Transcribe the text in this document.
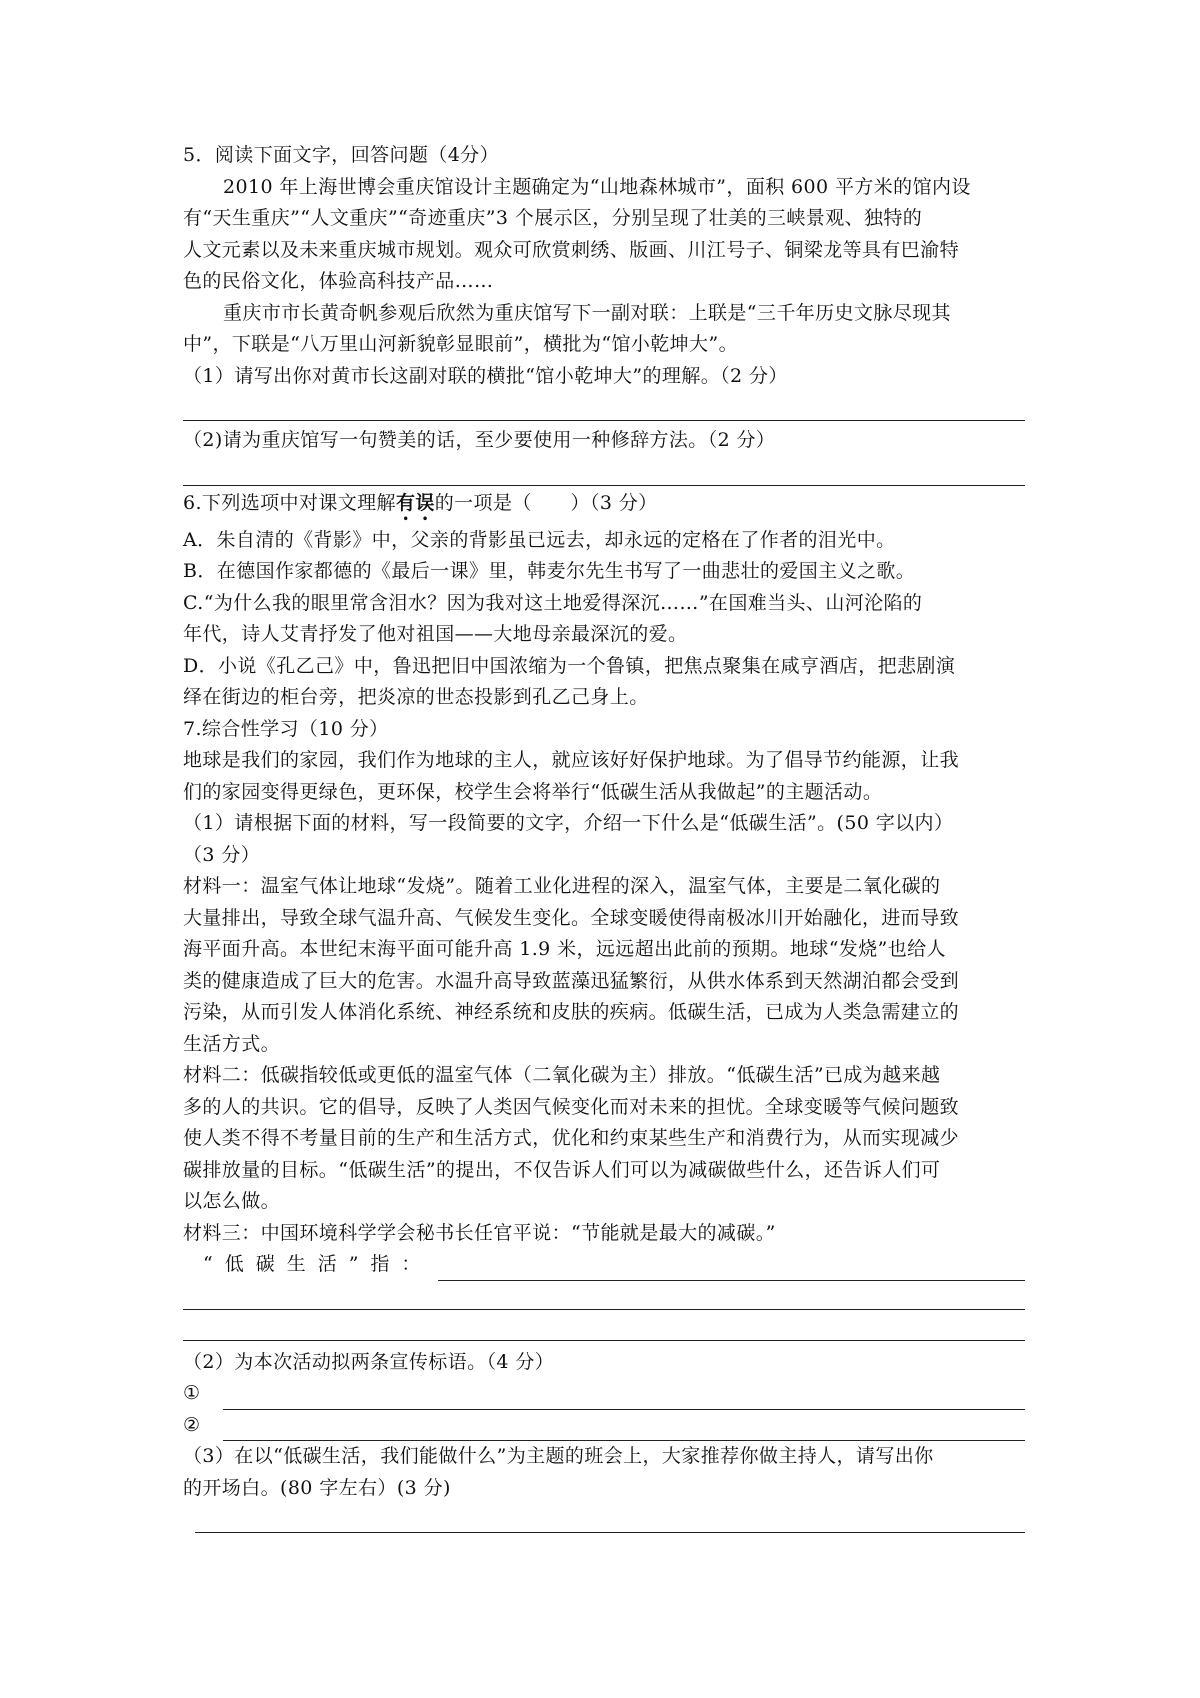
5．阅读下面文字，回答问题（4分）
2010 年上海世博会重庆馆设计主题确定为“山地森林城市”，面积 600 平方米的馆内设
有“天生重庆”“人文重庆”“奇迹重庆”3 个展示区，分别呈现了壮美的三峡景观、独特的
人文元素以及未来重庆城市规划。观众可欣赏刺绣、版画、川江号子、铜梁龙等具有巴渝特
色的民俗文化，体验高科技产品……
重庆市市长黄奇帆参观后欣然为重庆馆写下一副对联：上联是“三千年历史文脉尽现其
中”，下联是“八万里山河新貌彰显眼前”，横批为“馆小乾坤大”。
（1）请写出你对黄市长这副对联的横批“馆小乾坤大”的理解。（2 分）
（2)请为重庆馆写一句赞美的话，至少要使用一种修辞方法。（2 分）
6.下列选项中对课文理解有误的一项是（　　）（3 分）
A．朱自清的《背影》中，父亲的背影虽已远去，却永远的定格在了作者的泪光中。
B．在德国作家都德的《最后一课》里，韩麦尔先生书写了一曲悲壮的爱国主义之歌。
C.“为什么我的眼里常含泪水？因为我对这土地爱得深沉……”在国难当头、山河沦陷的
年代，诗人艾青抒发了他对祖国——大地母亲最深沉的爱。
D．小说《孔乙己》中，鲁迅把旧中国浓缩为一个鲁镇，把焦点聚集在咸亨酒店，把悲剧演
绎在街边的柜台旁，把炎凉的世态投影到孔乙己身上。
7.综合性学习（10 分）
地球是我们的家园，我们作为地球的主人，就应该好好保护地球。为了倡导节约能源，让我
们的家园变得更绿色，更环保，校学生会将举行“低碳生活从我做起”的主题活动。
（1）请根据下面的材料，写一段简要的文字，介绍一下什么是“低碳生活”。(50 字以内）
（3 分）
材料一：温室气体让地球“发烧”。随着工业化进程的深入，温室气体，主要是二氧化碳的
大量排出，导致全球气温升高、气候发生变化。全球变暖使得南极冰川开始融化，进而导致
海平面升高。本世纪末海平面可能升高 1.9 米，远远超出此前的预期。地球“发烧”也给人
类的健康造成了巨大的危害。水温升高导致蓝藻迅猛繁衍，从供水体系到天然湖泊都会受到
污染，从而引发人体消化系统、神经系统和皮肤的疾病。低碳生活，已成为人类急需建立的
生活方式。
材料二：低碳指较低或更低的温室气体（二氧化碳为主）排放。“低碳生活”已成为越来越
多的人的共识。它的倡导，反映了人类因气候变化而对未来的担忧。全球变暖等气候问题致
使人类不得不考量目前的生产和生活方式，优化和约束某些生产和消费行为，从而实现减少
碳排放量的目标。“低碳生活”的提出，不仅告诉人们可以为减碳做些什么，还告诉人们可
以怎么做。
材料三：中国环境科学学会秘书长任官平说：“节能就是最大的减碳。”
“低碳生活”指：
（2）为本次活动拟两条宣传标语。（4 分）
①
②
（3）在以“低碳生活，我们能做什么”为主题的班会上，大家推荐你做主持人，请写出你
的开场白。(80 字左右）(3 分)
